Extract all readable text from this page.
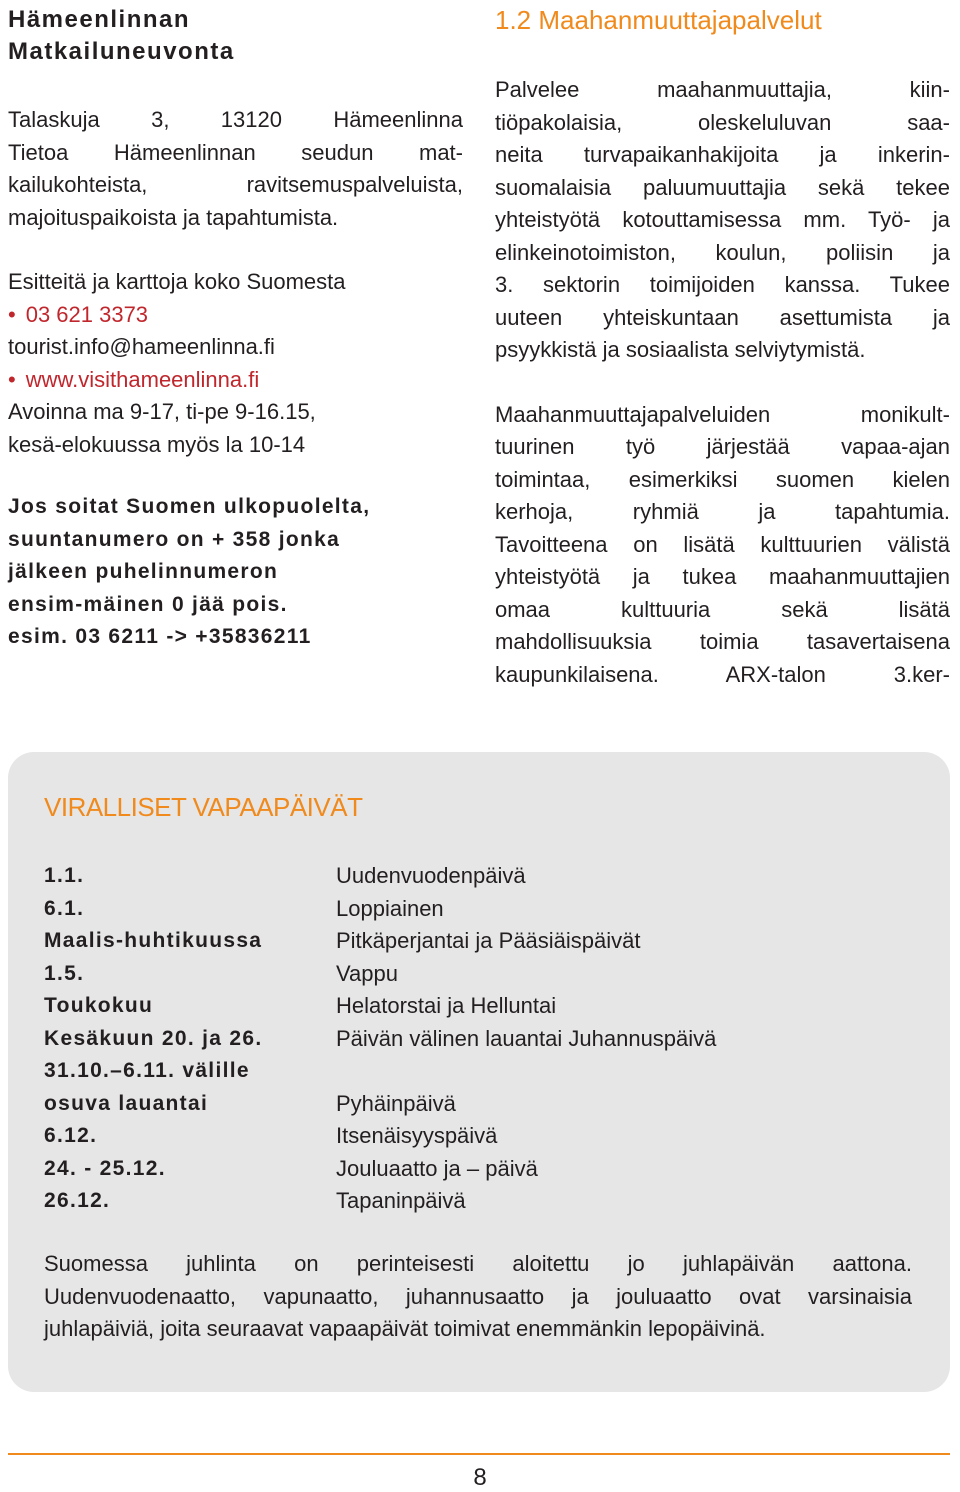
Hämeenlinnan
Matkailuneuvonta
Talaskuja 3, 13120 Hämeenlinna
Tietoa Hämeenlinnan seudun mat-
kailukohteista, ravitsemuspalveluista,
majoituspaikoista ja tapahtumista.
Esitteitä ja karttoja koko Suomesta
• 03 621 3373
tourist.info@hameenlinna.fi
• www.visithameenlinna.fi
Avoinna ma 9-17, ti-pe 9-16.15,
kesä-elokuussa myös la 10-14
Jos soitat Suomen ulkopuolelta,
suuntanumero on + 358 jonka
jälkeen puhelinnumeron
ensim-mäinen 0 jää pois.
esim. 03 6211 -> +35836211
1.2 Maahanmuuttajapalvelut
Palvelee maahanmuuttajia, kiin-
tiöpakolaisia, oleskeluluvan saa-
neita turvapaikanhakijoita ja inkerin-
suomalaisia paluumuuttajia sekä tekee
yhteistyötä kotouttamisessa mm. Työ- ja
elinkeinotoimiston, koulun, poliisin ja
3. sektorin toimijoiden kanssa. Tukee
uuteen yhteiskuntaan asettumista ja
psyykkistä ja sosiaalista selviytymistä.
Maahanmuuttajapalveluiden monikult-
tuurinen työ järjestää vapaa-ajan
toimintaa, esimerkiksi suomen kielen
kerhoja, ryhmiä ja tapahtumia.
Tavoitteena on lisätä kulttuurien välistä
yhteistyötä ja tukea maahanmuuttajien
omaa kulttuuria sekä lisätä
mahdollisuuksia toimia tasavertaisena
kaupunkilaisena. ARX-talon 3.ker-
VIRALLISET VAPAAPÄIVÄT
1.1.	Uudenvuodenpäivä
6.1.	Loppiainen
Maalis-huhtikuussa	Pitkäperjantai ja Pääsiäispäivät
1.5.	Vappu
Toukokuu	Helatorstai ja Helluntai
Kesäkuun 20. ja 26.	Päivän välinen lauantai Juhannuspäivä
31.10.–6.11. välille
osuva lauantai	Pyhäinpäivä
6.12.	Itsenäisyyspäivä
24. - 25.12.	Jouluaatto ja – päivä
26.12.	Tapaninpäivä
Suomessa juhlinta on perinteisesti aloitettu jo juhlapäivän aattona.
Uudenvuodenaatto, vapunaatto, juhannusaatto ja jouluaatto ovat varsinaisia
juhlapäiviä, joita seuraavat vapaapäivät toimivat enemmänkin lepopäivinä.
8
